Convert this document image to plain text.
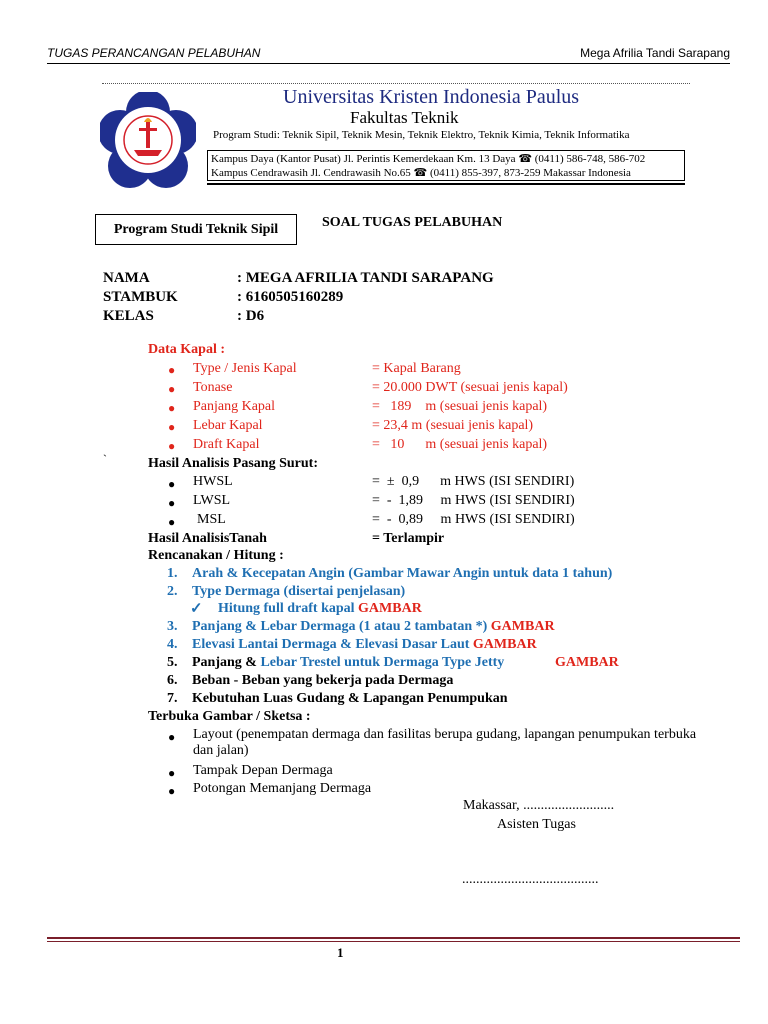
TUGAS PERANCANGAN PELABUHAN	Mega Afrilia Tandi Sarapang
Universitas Kristen Indonesia Paulus
Fakultas Teknik
Program Studi: Teknik Sipil, Teknik Mesin, Teknik Elektro, Teknik Kimia, Teknik Informatika
Kampus Daya (Kantor Pusat) Jl. Perintis Kemerdekaan Km. 13 Daya ☎ (0411) 586-748, 586-702
Kampus Cendrawasih Jl. Cendrawasih No.65 ☎ (0411) 855-397, 873-259 Makassar Indonesia
Program Studi Teknik Sipil	SOAL TUGAS PELABUHAN
NAMA	: MEGA AFRILIA TANDI SARAPANG
STAMBUK	: 6160505160289
KELAS	: D6
Data Kapal :
● Type / Jenis Kapal	= Kapal Barang
● Tonase	= 20.000 DWT (sesuai jenis kapal)
● Panjang Kapal	=   189    m (sesuai jenis kapal)
● Lebar Kapal	= 23,4 m (sesuai jenis kapal)
● Draft Kapal	=   10      m (sesuai jenis kapal)
`	Hasil Analisis Pasang Surut:
● HWSL	=  ±  0,9      m HWS (ISI SENDIRI)
● LWSL	=  -  1,89     m HWS (ISI SENDIRI)
● MSL	=  -  0,89     m HWS (ISI SENDIRI)
Hasil AnalisisTanah	= Terlampir
Rencanakan / Hitung :
1. Arah & Kecepatan Angin (Gambar Mawar Angin untuk data 1 tahun)
2. Type Dermaga (disertai penjelasan)
✓ Hitung full draft kapal GAMBAR
3. Panjang & Lebar Dermaga (1 atau 2 tambatan *) GAMBAR
4. Elevasi Lantai Dermaga & Elevasi Dasar Laut GAMBAR
5. Panjang & Lebar Trestel untuk Dermaga Type Jetty	GAMBAR
6. Beban - Beban yang bekerja pada Dermaga
7. Kebutuhan Luas Gudang & Lapangan Penumpukan
Terbuka Gambar / Sketsa :
● Layout (penempatan dermaga dan fasilitas berupa gudang, lapangan penumpukan terbuka
dan jalan)
● Tampak Depan Dermaga
● Potongan Memanjang Dermaga
Makassar, ..........................
Asisten Tugas
.......................................
1
